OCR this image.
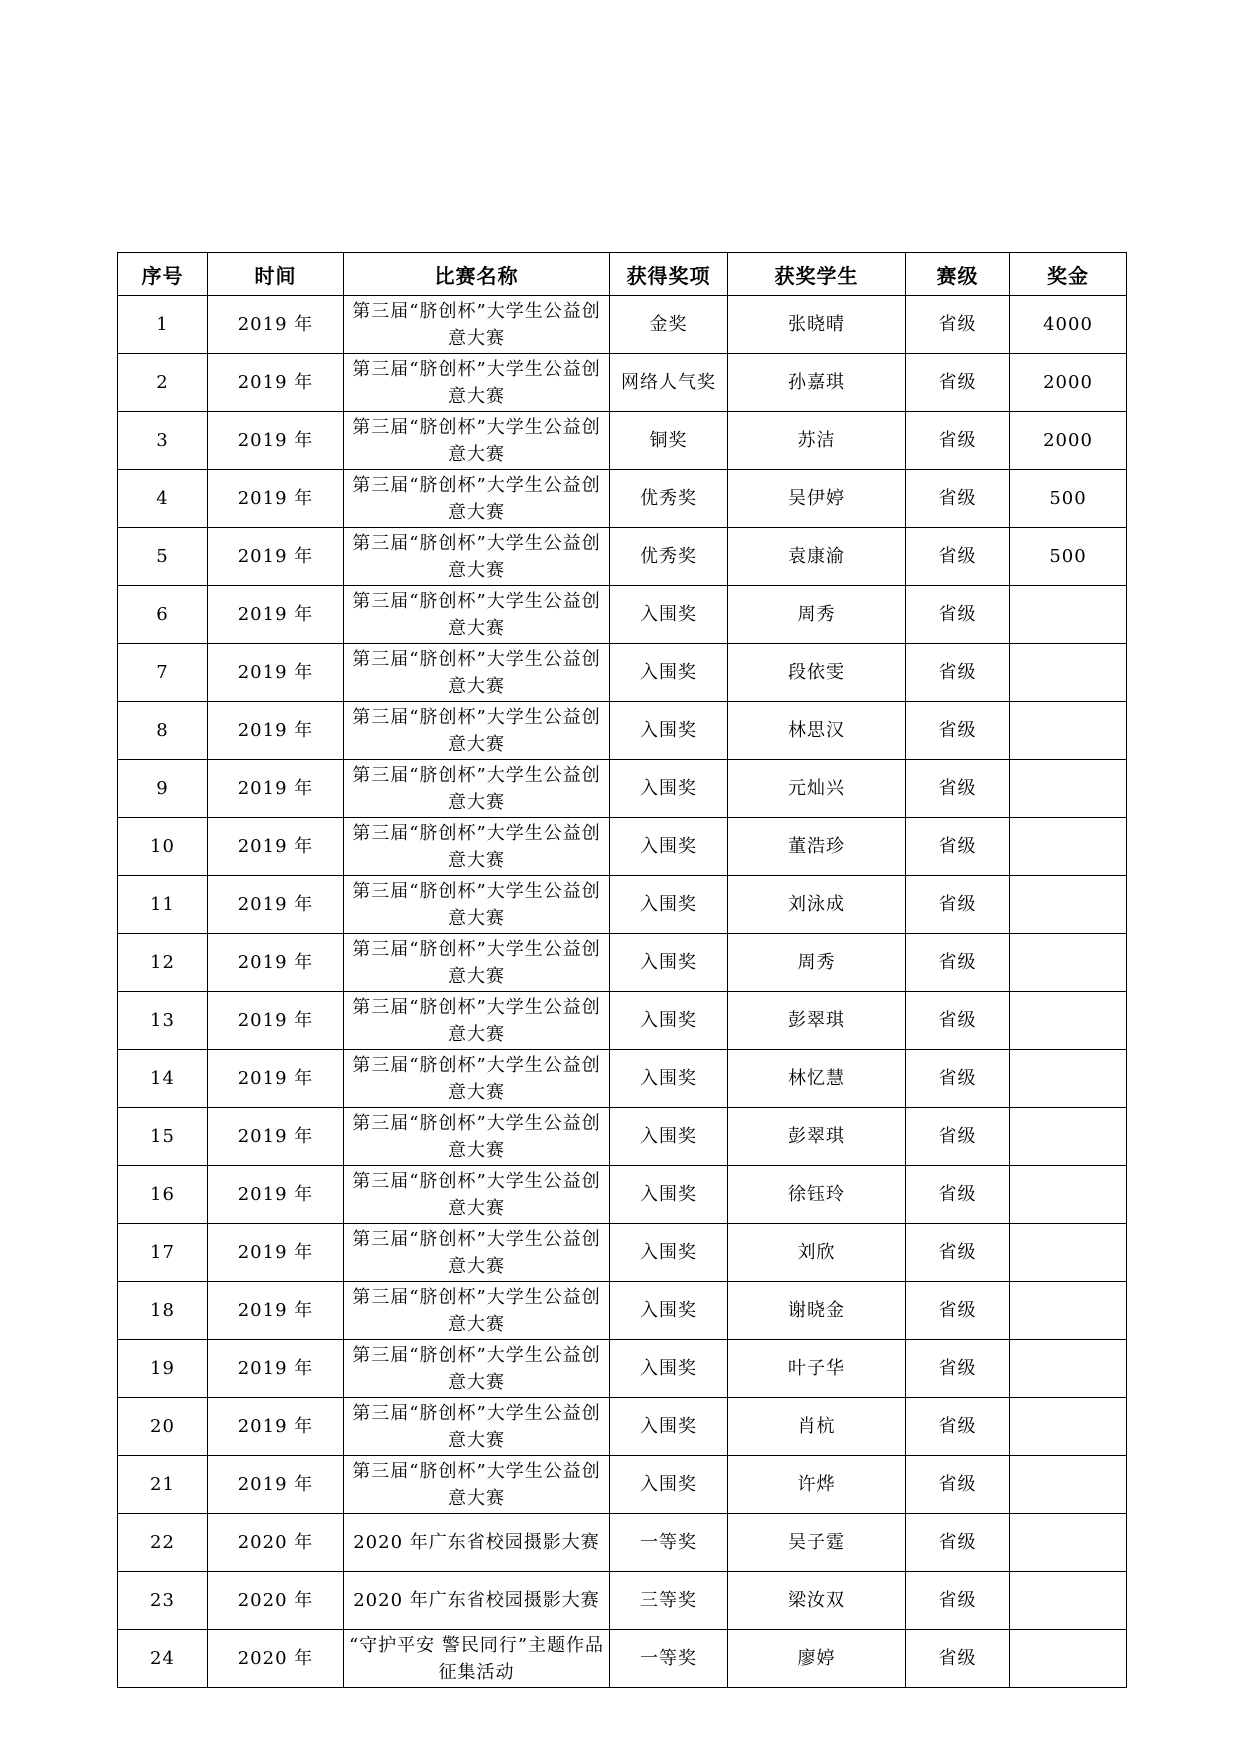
序号	时间	比赛名称	获得奖项	获奖学生	赛级	奖金
1	2019 年	第三届“脐创杯”大学生公益创意大赛	金奖	张晓晴	省级	4000
2	2019 年	第三届“脐创杯”大学生公益创意大赛	网络人气奖	孙嘉琪	省级	2000
3	2019 年	第三届“脐创杯”大学生公益创意大赛	铜奖	苏洁	省级	2000
4	2019 年	第三届“脐创杯”大学生公益创意大赛	优秀奖	吴伊婷	省级	500
5	2019 年	第三届“脐创杯”大学生公益创意大赛	优秀奖	袁康渝	省级	500
6	2019 年	第三届“脐创杯”大学生公益创意大赛	入围奖	周秀	省级	
7	2019 年	第三届“脐创杯”大学生公益创意大赛	入围奖	段依雯	省级	
8	2019 年	第三届“脐创杯”大学生公益创意大赛	入围奖	林思汉	省级	
9	2019 年	第三届“脐创杯”大学生公益创意大赛	入围奖	元灿兴	省级	
10	2019 年	第三届“脐创杯”大学生公益创意大赛	入围奖	董浩珍	省级	
11	2019 年	第三届“脐创杯”大学生公益创意大赛	入围奖	刘泳成	省级	
12	2019 年	第三届“脐创杯”大学生公益创意大赛	入围奖	周秀	省级	
13	2019 年	第三届“脐创杯”大学生公益创意大赛	入围奖	彭翠琪	省级	
14	2019 年	第三届“脐创杯”大学生公益创意大赛	入围奖	林忆慧	省级	
15	2019 年	第三届“脐创杯”大学生公益创意大赛	入围奖	彭翠琪	省级	
16	2019 年	第三届“脐创杯”大学生公益创意大赛	入围奖	徐钰玲	省级	
17	2019 年	第三届“脐创杯”大学生公益创意大赛	入围奖	刘欣	省级	
18	2019 年	第三届“脐创杯”大学生公益创意大赛	入围奖	谢晓金	省级	
19	2019 年	第三届“脐创杯”大学生公益创意大赛	入围奖	叶子华	省级	
20	2019 年	第三届“脐创杯”大学生公益创意大赛	入围奖	肖杭	省级	
21	2019 年	第三届“脐创杯”大学生公益创意大赛	入围奖	许烨	省级	
22	2020 年	2020 年广东省校园摄影大赛	一等奖	吴子霆	省级	
23	2020 年	2020 年广东省校园摄影大赛	三等奖	梁汝双	省级	
24	2020 年	“守护平安 警民同行”主题作品征集活动	一等奖	廖婷	省级	
